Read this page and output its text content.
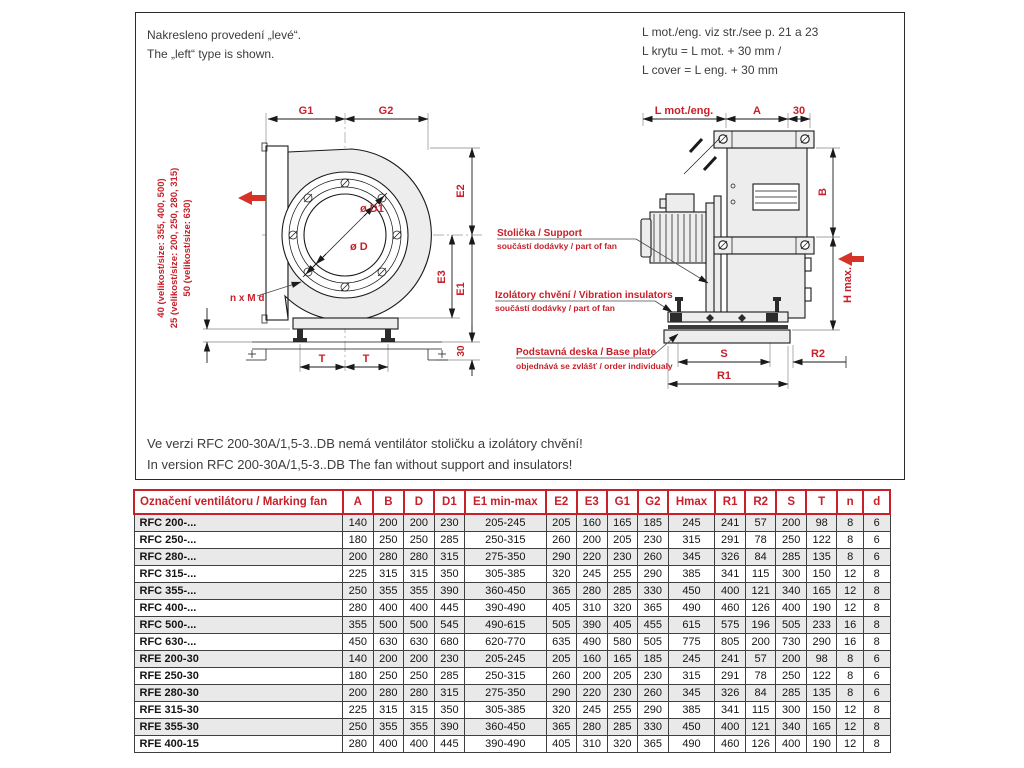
Nakresleno provedení „levé“.
The „left“ type is shown.
L mot./eng. viz str./see p. 21 a 23
L krytu = L mot. + 30 mm /
L cover = L eng. + 30 mm
Ve verzi RFC 200-30A/1,5-3..DB nemá ventilátor stoličku a izolátory chvění!
In version RFC 200-30A/1,5-3..DB The fan without support and insulators!
ø D1
ø D
n x M d
G1	G2
E2
E1
E3
30
T	T
40 (velikost/size: 355, 400, 500) 25 (velikost/size: 200, 250, 280, 315) 50 (velikost/size: 630)
L mot./eng.	A	30
B
H max.
S	R2
R1
Stolička / Support
součástí dodávky / part of fan
Izolátory chvění / Vibration insulators
součástí dodávky / part of fan
Podstavná deska / Base plate
objednává se zvlášť / order individualy
Označení ventilátoru / Marking fan	A	B	D	D1	E1 min-max	E2	E3	G1	G2	Hmax	R1	R2	S	T	n	d
RFC 200-...	140	200	200	230	205-245	205	160	165	185	245	241	57	200	98	8	6
RFC 250-...	180	250	250	285	250-315	260	200	205	230	315	291	78	250	122	8	6
RFC 280-...	200	280	280	315	275-350	290	220	230	260	345	326	84	285	135	8	6
RFC 315-...	225	315	315	350	305-385	320	245	255	290	385	341	115	300	150	12	8
RFC 355-...	250	355	355	390	360-450	365	280	285	330	450	400	121	340	165	12	8
RFC 400-...	280	400	400	445	390-490	405	310	320	365	490	460	126	400	190	12	8
RFC 500-...	355	500	500	545	490-615	505	390	405	455	615	575	196	505	233	16	8
RFC 630-...	450	630	630	680	620-770	635	490	580	505	775	805	200	730	290	16	8
RFE 200-30	140	200	200	230	205-245	205	160	165	185	245	241	57	200	98	8	6
RFE 250-30	180	250	250	285	250-315	260	200	205	230	315	291	78	250	122	8	6
RFE 280-30	200	280	280	315	275-350	290	220	230	260	345	326	84	285	135	8	6
RFE 315-30	225	315	315	350	305-385	320	245	255	290	385	341	115	300	150	12	8
RFE 355-30	250	355	355	390	360-450	365	280	285	330	450	400	121	340	165	12	8
RFE 400-15	280	400	400	445	390-490	405	310	320	365	490	460	126	400	190	12	8
